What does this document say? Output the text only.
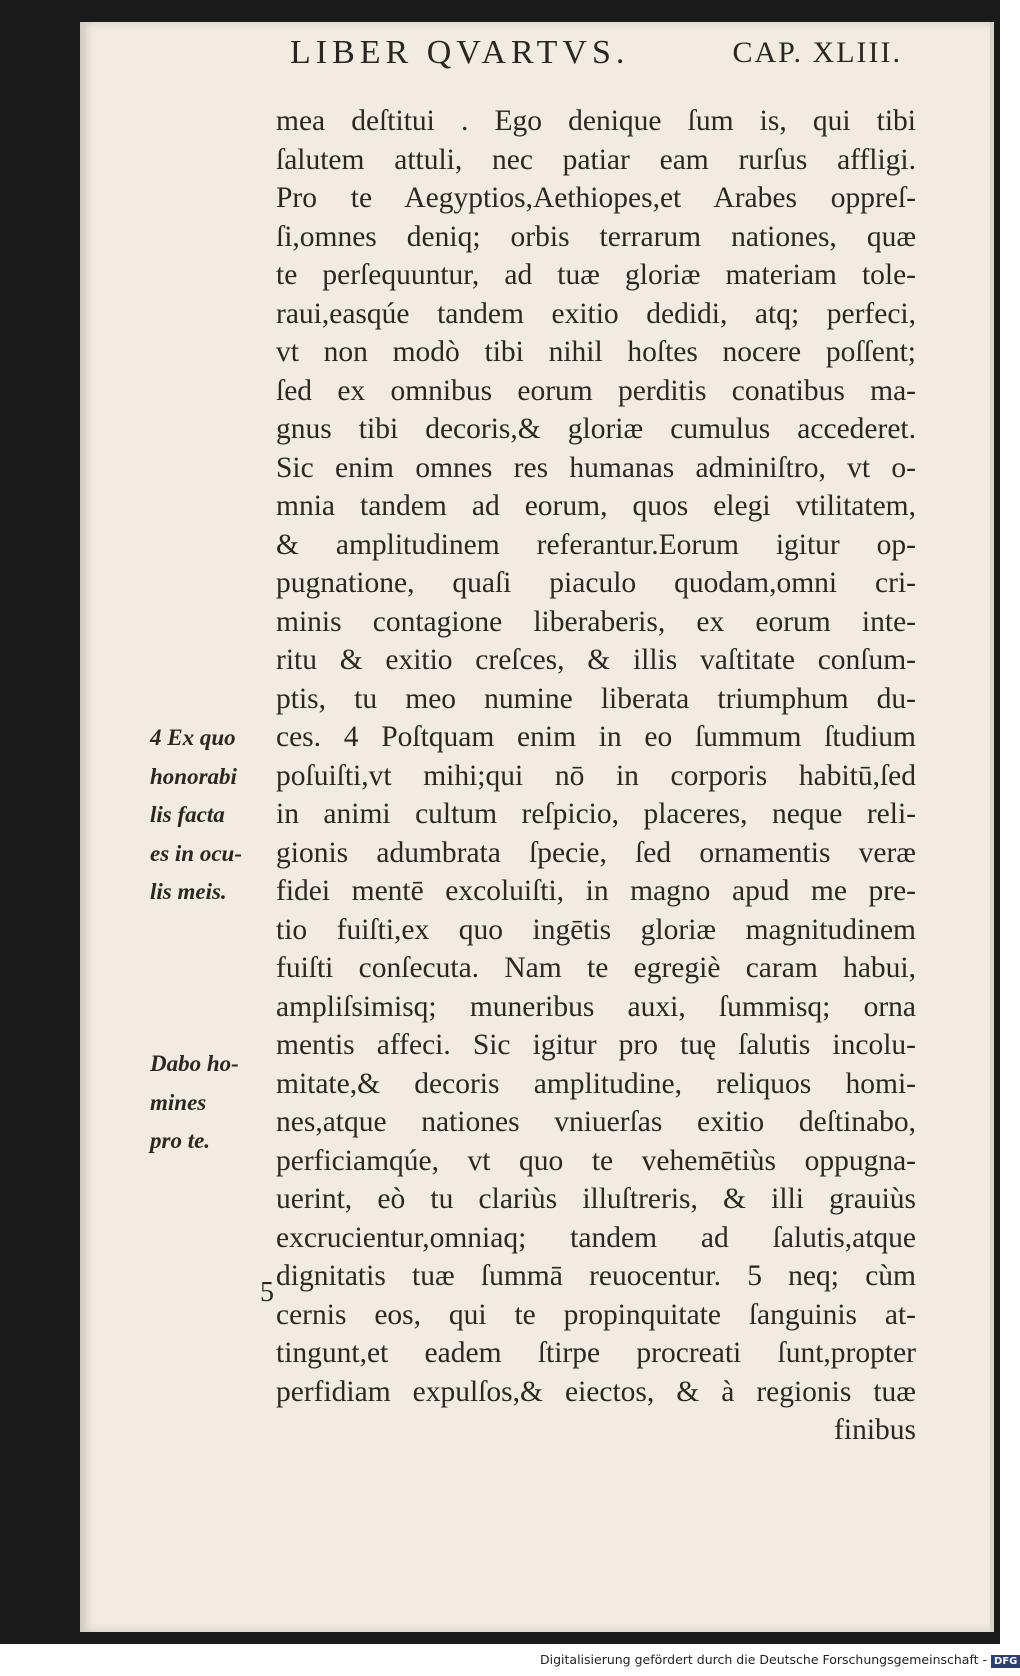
LIBER QVARTVS.	CAP. XLIII.
mea deſtitui . Ego denique ſum is, qui tibi
ſalutem attuli, nec patiar eam rurſus affligi.
Pro te Aegyptios,Aethiopes,et Arabes oppreſ-
ſi,omnes deniq; orbis terrarum nationes, quæ
te perſequuntur, ad tuæ gloriæ materiam tole-
raui,easqúe tandem exitio dedidi, atq; perfeci,
vt non modò tibi nihil hoſtes nocere poſſent;
ſed ex omnibus eorum perditis conatibus ma-
gnus tibi decoris,& gloriæ cumulus accederet.
Sic enim omnes res humanas adminiſtro, vt o-
mnia tandem ad eorum, quos elegi vtilitatem,
& amplitudinem referantur.Eorum igitur op-
pugnatione, quaſi piaculo quodam,omni cri-
minis contagione liberaberis, ex eorum inte-
ritu & exitio creſces, & illis vaſtitate conſum-
ptis, tu meo numine liberata triumphum du-
ces. 4 Poſtquam enim in eo ſummum ſtudium
poſuiſti,vt mihi;qui nō in corporis habitū,ſed
in animi cultum reſpicio, placeres, neque reli-
gionis adumbrata ſpecie, ſed ornamentis veræ
fidei mentē excoluiſti, in magno apud me pre-
tio fuiſti,ex quo ingētis gloriæ magnitudinem
fuiſti conſecuta. Nam te egregiè caram habui,
ampliſsimisq; muneribus auxi, ſummisq; orna
mentis affeci. Sic igitur pro tuę ſalutis incolu-
mitate,& decoris amplitudine, reliquos homi-
nes,atque nationes vniuerſas exitio deſtinabo,
perficiamqúe, vt quo te vehemētiùs oppugna-
uerint, eò tu clariùs illuſtreris, & illi grauiùs
excrucientur,omniaq; tandem ad ſalutis,atque
dignitatis tuæ ſummā reuocentur. 5 neq; cùm
cernis eos, qui te propinquitate ſanguinis at-
tingunt,et eadem ſtirpe procreati ſunt,propter
perfidiam expulſos,& eiectos, & à regionis tuæ
finibus
4 Ex quo
honorabi
lis facta
es in ocu-
lis meis.
Dabo ho-
mines
pro te.
5
Digitalisierung gefördert durch die Deutsche Forschungsgemeinschaft - DFG
